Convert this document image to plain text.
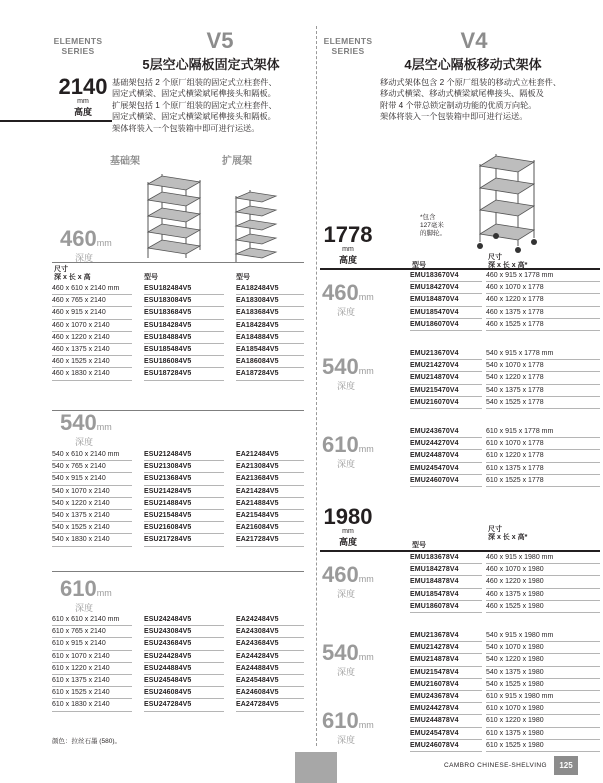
ELEMENTS
SERIES	V5
5层空心隔板固定式架体
2140
mm
高度
基础架包括 2 个原厂组装的固定式立柱套件、
固定式横梁、固定式横梁斌尾榫接头和隔板。
扩展架包括 1 个原厂组装的固定式立柱套件、
固定式横梁、固定式横梁斌尾榫接头和隔板。
架体将装入一个包装箱中即可进行运送。
基础架	扩展架
460mm
深度
尺寸
深 x 长 x 高	型号	型号
460 x 610 x 2140 mm	ESU182484V5	EA182484V5
460 x 765 x 2140	ESU183084V5	EA183084V5
460 x 915 x 2140	ESU183684V5	EA183684V5
460 x 1070 x 2140	ESU184284V5	EA184284V5
460 x 1220 x 2140	ESU184884V5	EA184884V5
460 x 1375 x 2140	ESU185484V5	EA185484V5
460 x 1525 x 2140	ESU186084V5	EA186084V5
460 x 1830 x 2140	ESU187284V5	EA187284V5
540mm
深度
540 x 610 x 2140 mm	ESU212484V5	EA212484V5
540 x 765 x 2140	ESU213084V5	EA213084V5
540 x 915 x 2140	ESU213684V5	EA213684V5
540 x 1070 x 2140	ESU214284V5	EA214284V5
540 x 1220 x 2140	ESU214884V5	EA214884V5
540 x 1375 x 2140	ESU215484V5	EA215484V5
540 x 1525 x 2140	ESU216084V5	EA216084V5
540 x 1830 x 2140	ESU217284V5	EA217284V5
610mm
深度
610 x 610 x 2140 mm	ESU242484V5	EA242484V5
610 x 765 x 2140	ESU243084V5	EA243084V5
610 x 915 x 2140	ESU243684V5	EA243684V5
610 x 1070 x 2140	ESU244284V5	EA244284V5
610 x 1220 x 2140	ESU244884V5	EA244884V5
610 x 1375 x 2140	ESU245484V5	EA245484V5
610 x 1525 x 2140	ESU246084V5	EA246084V5
610 x 1830 x 2140	ESU247284V5	EA247284V5
颜色：拉丝石墨 (580)。
ELEMENTS
SERIES	V4
4层空心隔板移动式架体
移动式架体包含 2 个原厂组装的移动式立柱套件、
移动式横梁、移动式横梁斌尾榫接头、隔板及
附带 4 个带总锁定制动功能的优质万向轮。
架体将装入一个包装箱中即可进行运送。
*包含
127毫米
的脚轮。
1778
mm
高度
型号
尺寸
深 x 长 x 高*
460mm
深度
EMU183670V4	460 x 915 x 1778 mm
EMU184270V4	460 x 1070 x 1778
EMU184870V4	460 x 1220 x 1778
EMU185470V4	460 x 1375 x 1778
EMU186070V4	460 x 1525 x 1778
540mm
深度
EMU213670V4	540 x 915 x 1778 mm
EMU214270V4	540 x 1070 x 1778
EMU214870V4	540 x 1220 x 1778
EMU215470V4	540 x 1375 x 1778
EMU216070V4	540 x 1525 x 1778
610mm
深度
EMU243670V4	610 x 915 x 1778 mm
EMU244270V4	610 x 1070 x 1778
EMU244870V4	610 x 1220 x 1778
EMU245470V4	610 x 1375 x 1778
EMU246070V4	610 x 1525 x 1778
1980
mm
高度	型号
尺寸
深 x 长 x 高*
460mm
深度
EMU183678V4	460 x 915 x 1980 mm
EMU184278V4	460 x 1070 x 1980
EMU184878V4	460 x 1220 x 1980
EMU185478V4	460 x 1375 x 1980
EMU186078V4	460 x 1525 x 1980
540mm
深度
EMU213678V4	540 x 915 x 1980 mm
EMU214278V4	540 x 1070 x 1980
EMU214878V4	540 x 1220 x 1980
EMU215478V4	540 x 1375 x 1980
EMU216078V4	540 x 1525 x 1980
610mm
深度
EMU243678V4	610 x 915 x 1980 mm
EMU244278V4	610 x 1070 x 1980
EMU244878V4	610 x 1220 x 1980
EMU245478V4	610 x 1375 x 1980
EMU246078V4	610 x 1525 x 1980
CAMBRO CHINESE-SHELVING	125
